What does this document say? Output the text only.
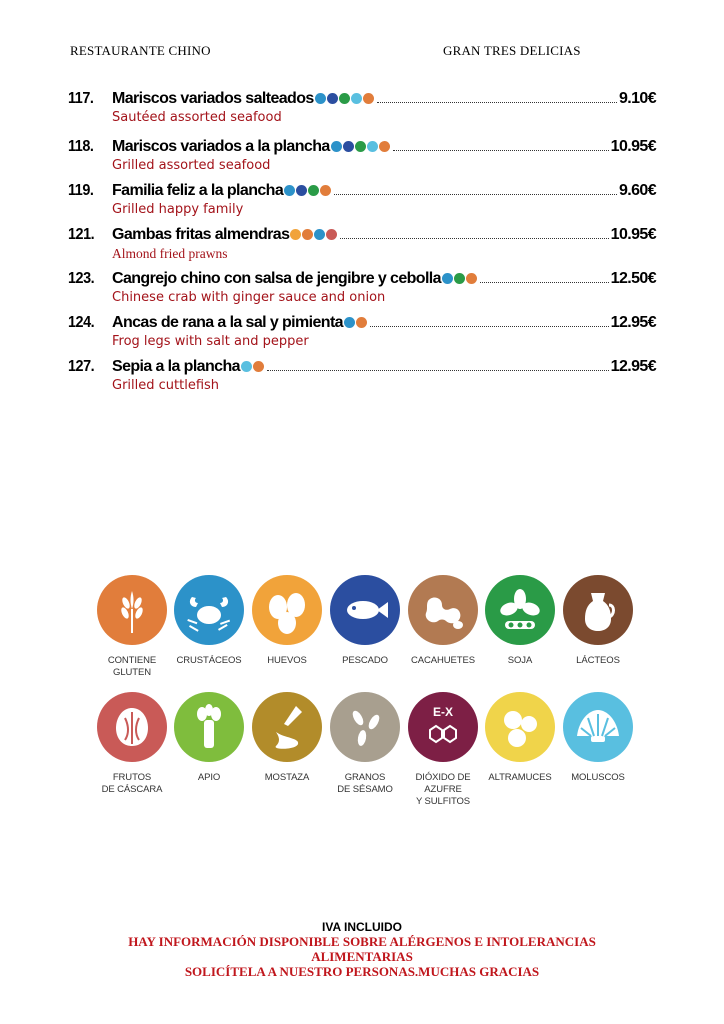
RESTAURANTE CHINO	GRAN TRES DELICIAS
117.	Mariscos variados salteados	9.10€
Sautéed assorted seafood
118.	Mariscos variados a la plancha	10.95€
Grilled assorted seafood
119.	Familia feliz a la plancha	9.60€
Grilled happy family
121.	Gambas fritas almendras	10.95€
Almond fried prawns
123.	Cangrejo chino con salsa de jengibre y cebolla	12.50€
Chinese crab with ginger sauce and onion
124.	Ancas de rana a la sal y pimienta	12.95€
Frog legs with salt and pepper
127.	Sepia a la plancha	12.95€
Grilled cuttlefish
CONTIENE
GLUTEN
CRUSTÁCEOS	HUEVOS	PESCADO	CACAHUETES	SOJA	LÁCTEOS
FRUTOS
DE CÁSCARA
APIO	MOSTAZA	GRANOS
DE SÉSAMO
E-X
DIÓXIDO DE AZUFRE
Y SULFITOS
ALTRAMUCES	MOLUSCOS
IVA INCLUIDO
HAY INFORMACIÓN DISPONIBLE SOBRE ALÉRGENOS E INTOLERANCIAS
ALIMENTARIAS
SOLICÍTELA A NUESTRO PERSONAS.MUCHAS GRACIAS
